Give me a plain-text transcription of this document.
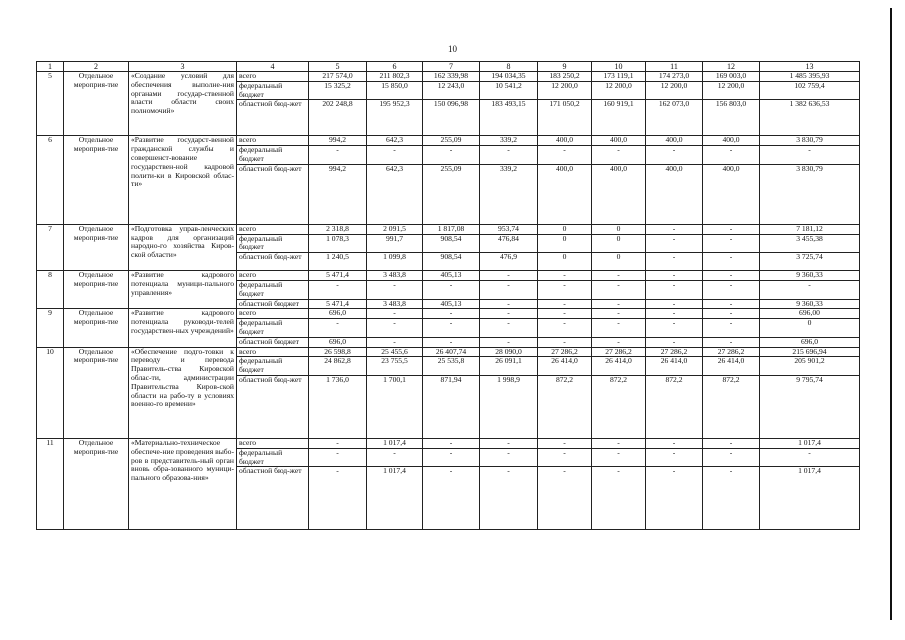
10
1	2	3	4	5	6	7	8	9	10	11	12	13
5	Отдельное мероприя-тие	«Создание условий для обеспечения выполне-ния органами государ-ственной власти области своих полномочий»	всего	217 574,0	211 802,3	162 339,98	194 034,35	183 250,2	173 119,1	174 273,0	169 003,0	1 485 395,93
			федеральный бюджет	15 325,2	15 850,0	12 243,0	10 541,2	12 200,0	12 200,0	12 200,0	12 200,0	102 759,4
			областной бюд-жет	202 248,8	195 952,3	150 096,98	183 493,15	171 050,2	160 919,1	162 073,0	156 803,0	1 382 636,53
6	Отдельное мероприя-тие	«Развитие государст-венной гражданской службы и совершенст-вование государствен-ной кадровой полити-ки в Кировской облас-ти»	всего	994,2	642,3	255,09	339,2	400,0	400,0	400,0	400,0	3 830,79
			федеральный бюджет	-	-	-	-	-	-	-	-	-
			областной бюд-жет	994,2	642,3	255,09	339,2	400,0	400,0	400,0	400,0	3 830,79
7	Отдельное мероприя-тие	«Подготовка управ-ленческих кадров для организаций народно-го хозяйства Киров-ской области»	всего	2 318,8	2 091,5	1 817,08	953,74	0	0	-	-	7 181,12
			федеральный бюджет	1 078,3	991,7	908,54	476,84	0	0	-	-	3 455,38
			областной бюд-жет	1 240,5	1 099,8	908,54	476,9	0	0	-	-	3 725,74
8	Отдельное мероприя-тие	«Развитие кадрового потенциала муници-пального управления»	всего	5 471,4	3 483,8	405,13	-	-	-	-	-	9 360,33
			федеральный бюджет	-	-	-	-	-	-	-	-	-
			областной бюджет	5 471,4	3 483,8	405,13	-	-	-	-	-	9 360,33
9	Отдельное мероприя-тие	«Развитие кадрового потенциала руководи-телей государствен-ных учреждений»	всего	696,0	-	-	-	-	-	-	-	696,00
			федеральный бюджет	-	-	-	-	-	-	-	-	0
			областной бюджет	696,0	-	-	-	-	-	-	-	696,0
10	Отдельное мероприя-тие	«Обеспечение подго-товки к переводу и перевода Правитель-ства Кировской облас-ти, администрации Правительства Киров-ской области на рабо-ту в условиях военно-го времени»	всего	26 598,8	25 455,6	26 407,74	28 090,0	27 286,2	27 286,2	27 286,2	27 286,2	215 696,94
			федеральный бюджет	24 862,8	23 755,5	25 535,8	26 091,1	26 414,0	26 414,0	26 414,0	26 414,0	205 901,2
			областной бюд-жет	1 736,0	1 700,1	871,94	1 998,9	872,2	872,2	872,2	872,2	9 795,74
11	Отдельное мероприя-тие	«Материально-техническое обеспече-ние проведения выбо-ров в представитель-ный орган вновь обра-зованного муници-пального образова-ния»	всего	-	1 017,4	-	-	-	-	-	-	1 017,4
			федеральный бюджет	-	-	-	-	-	-	-	-	-
			областной бюд-жет	-	1 017,4	-	-	-	-	-	-	1 017,4
